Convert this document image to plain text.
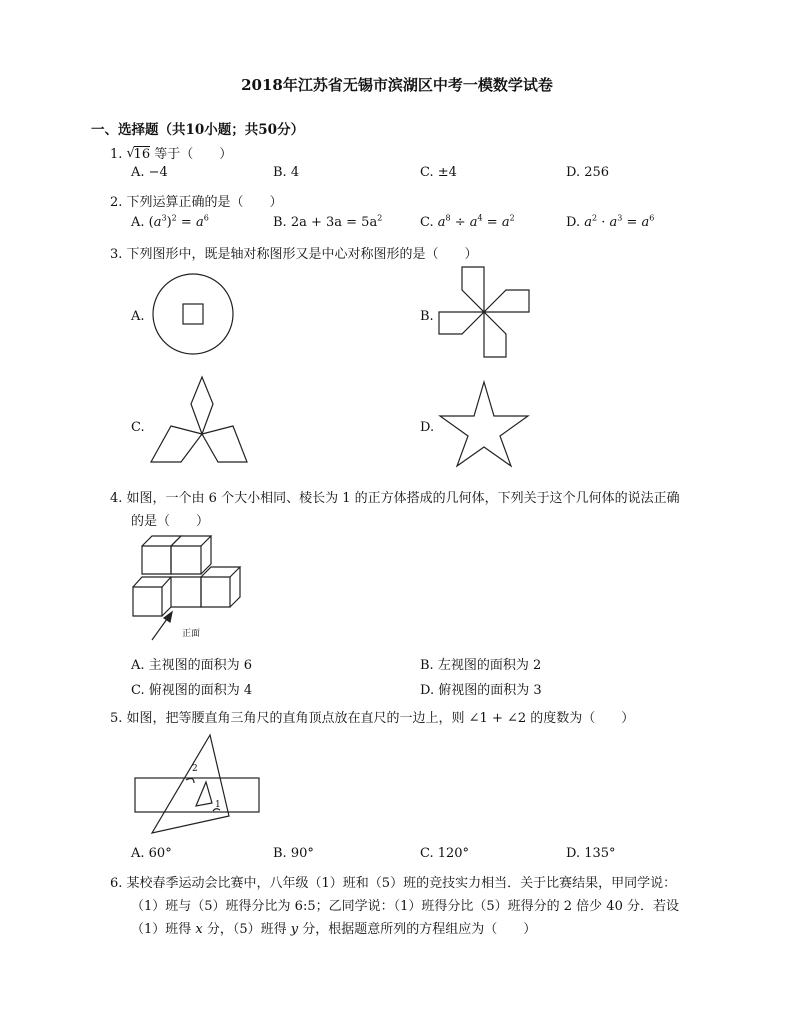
2018年江苏省无锡市滨湖区中考一模数学试卷
一、选择题（共10小题；共50分）
1. √
16 等于（　　）
A. −4	B. 4	C. ±4	D. 256
2. 下列运算正确的是（　　）
A. $(a^3)^2 = a^6$	B. $2a + 3a = 5a^2$	C. $a^8 \div a^4 = a^2$	D. $a^2 \cdot a^3 = a^6$
3. 下列图形中，既是轴对称图形又是中心对称图形的是（　　）
A.	B.
C.	D.
4. 如图，一个由 6 个大小相同、棱长为 1 的正方体搭成的几何体，下列关于这个几何体的说法正确
的是（　　）
正面
A. 主视图的面积为 6	B. 左视图的面积为 2
C. 俯视图的面积为 4	D. 俯视图的面积为 3
5. 如图，把等腰直角三角尺的直角顶点放在直尺的一边上，则 ∠1 + ∠2 的度数为（　　）
2
1
A. 60°	B. 90°	C. 120°	D. 135°
6. 某校春季运动会比赛中，八年级（1）班和（5）班的竞技实力相当．关于比赛结果，甲同学说：
（1）班与（5）班得分比为 6:5；乙同学说：（1）班得分比（5）班得分的 2 倍少 40 分．若设
（1）班得 x 分，（5）班得 y 分，根据题意所列的方程组应为（　　）
